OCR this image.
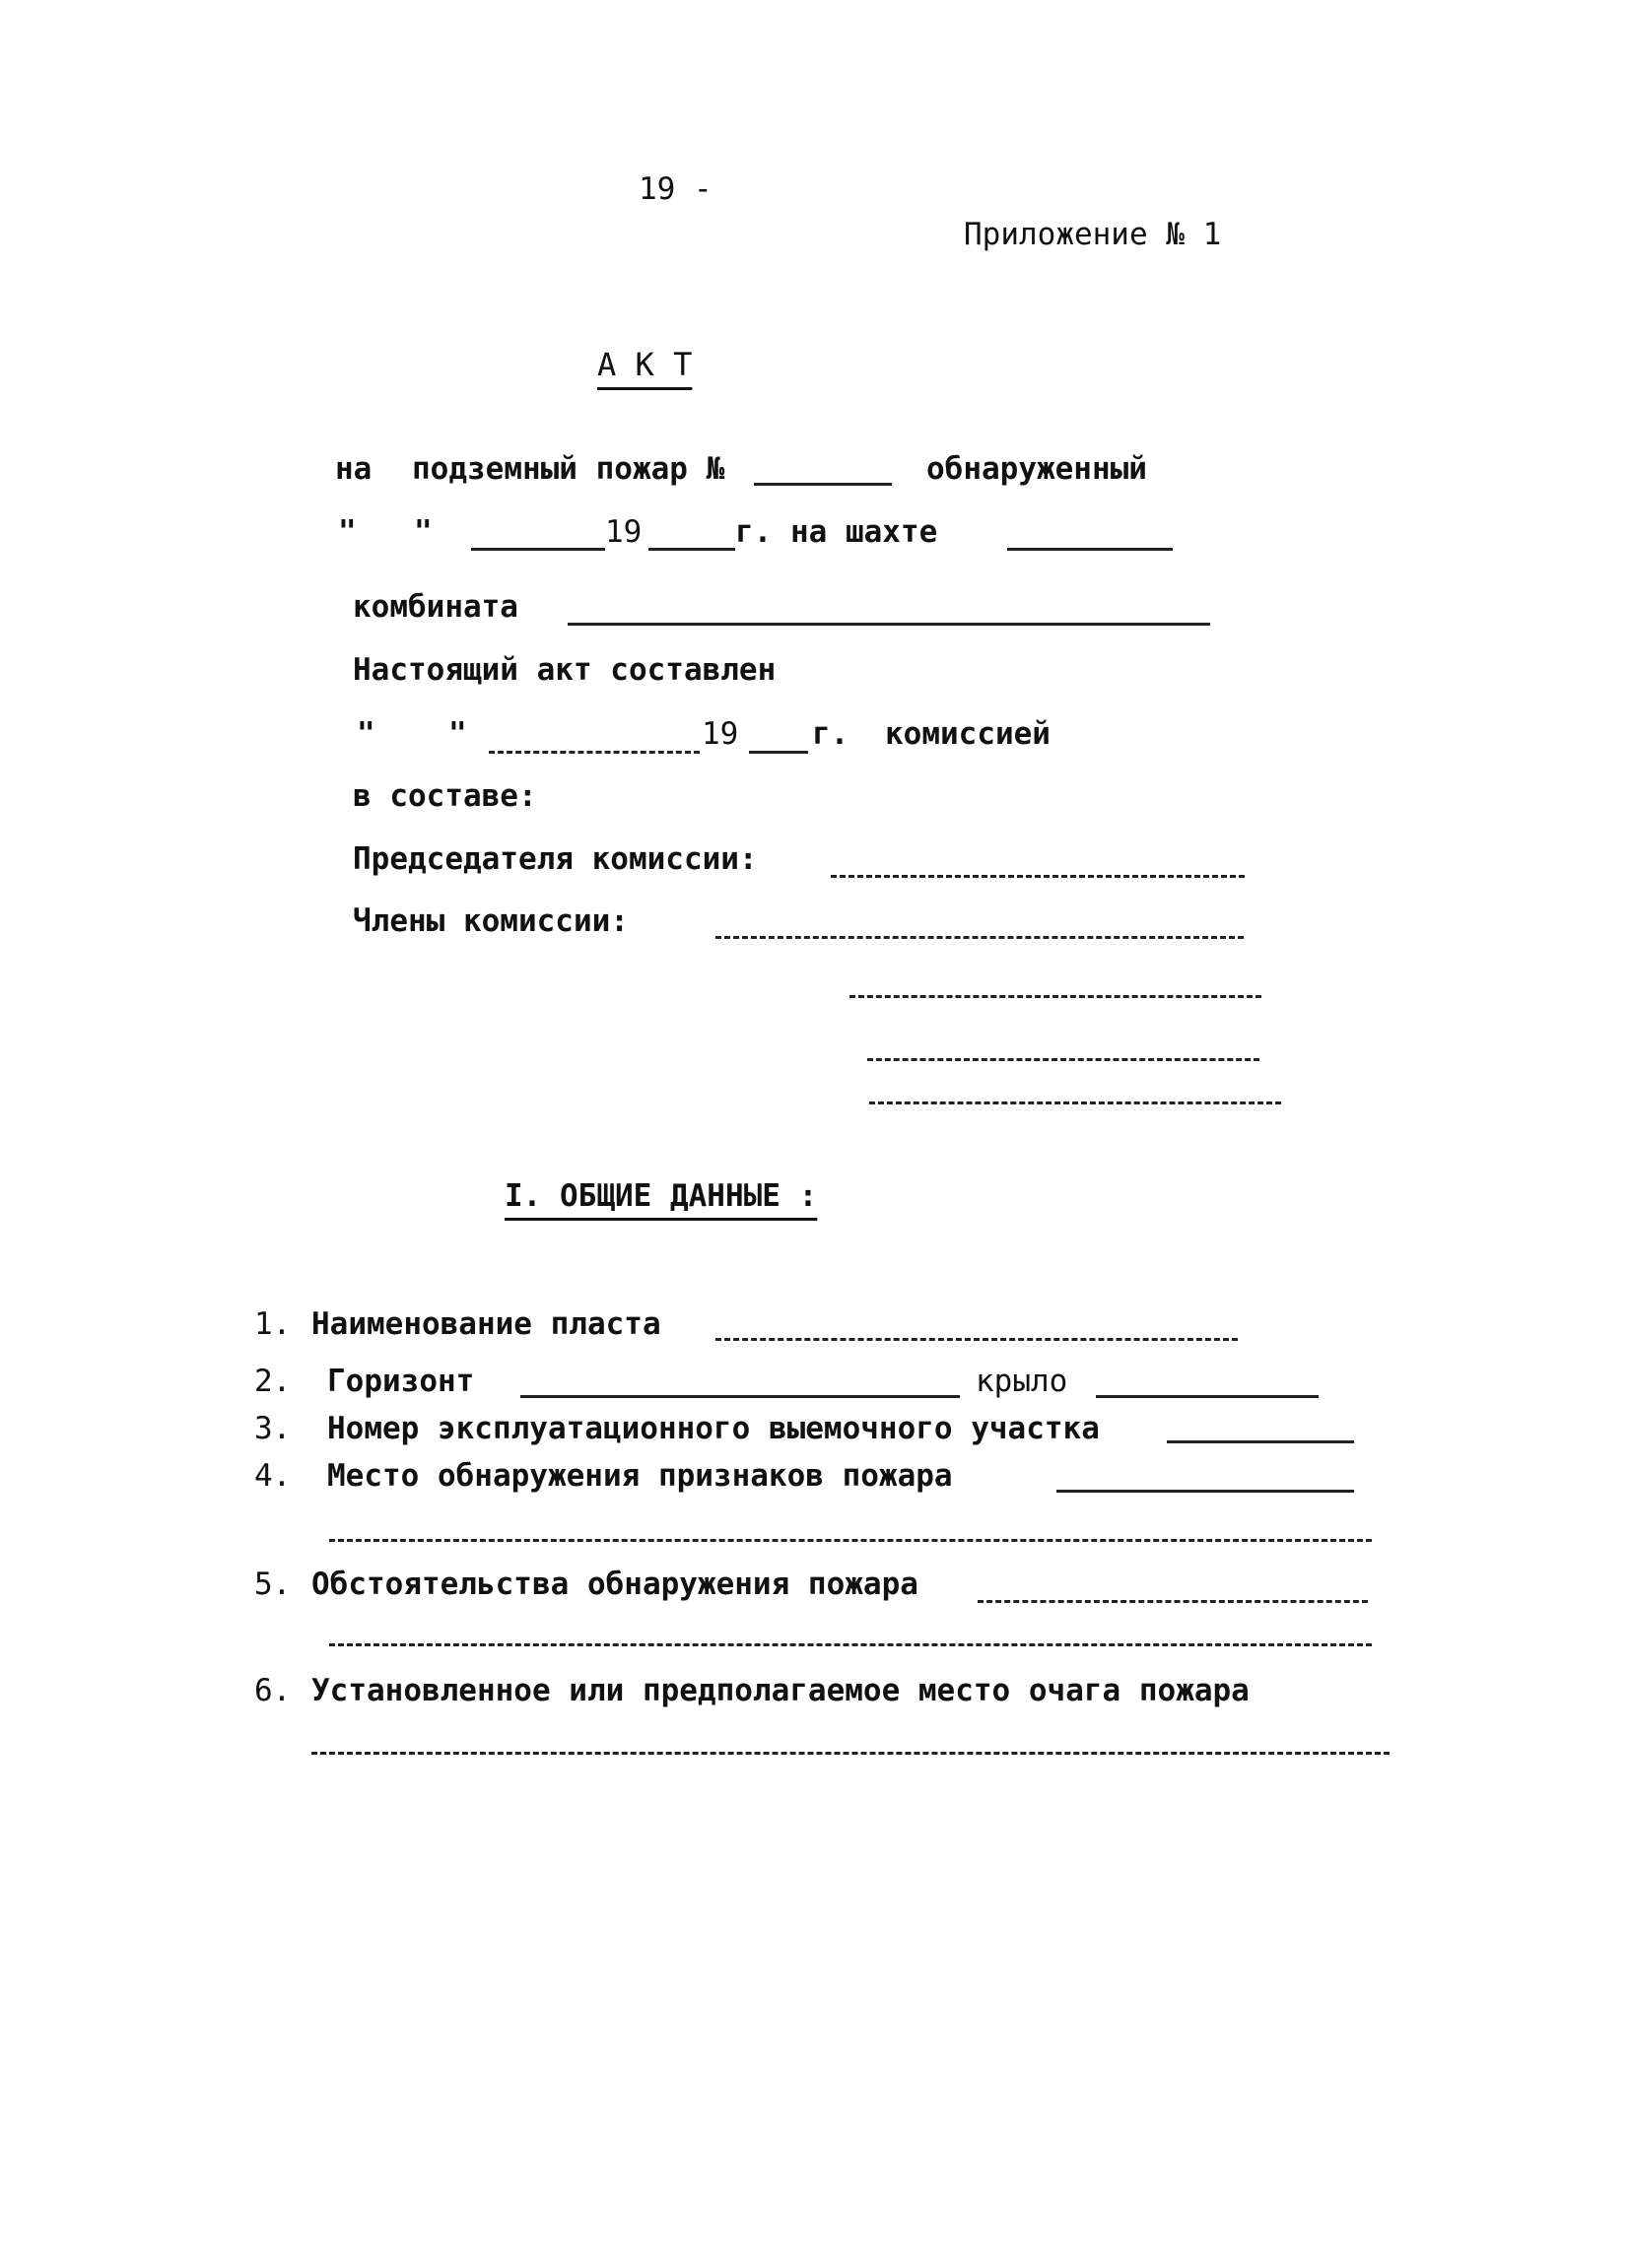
19 -
Приложение № 1
А К Т
на подземный пожар №	обнаруженный
" "	19	г. на шахте
комбината
Настоящий акт составлен
" "	19 г. комиссией
в составе:
Председателя комиссии:
Члены комиссии:
I. ОБЩИЕ ДАННЫЕ :
1. Наименование пласта
2. Горизонт	крыло
3. Номер эксплуатационного выемочного участка
4. Место обнаружения признаков пожара
5. Обстоятельства обнаружения пожара
6. Установленное или предполагаемое место очага пожара
